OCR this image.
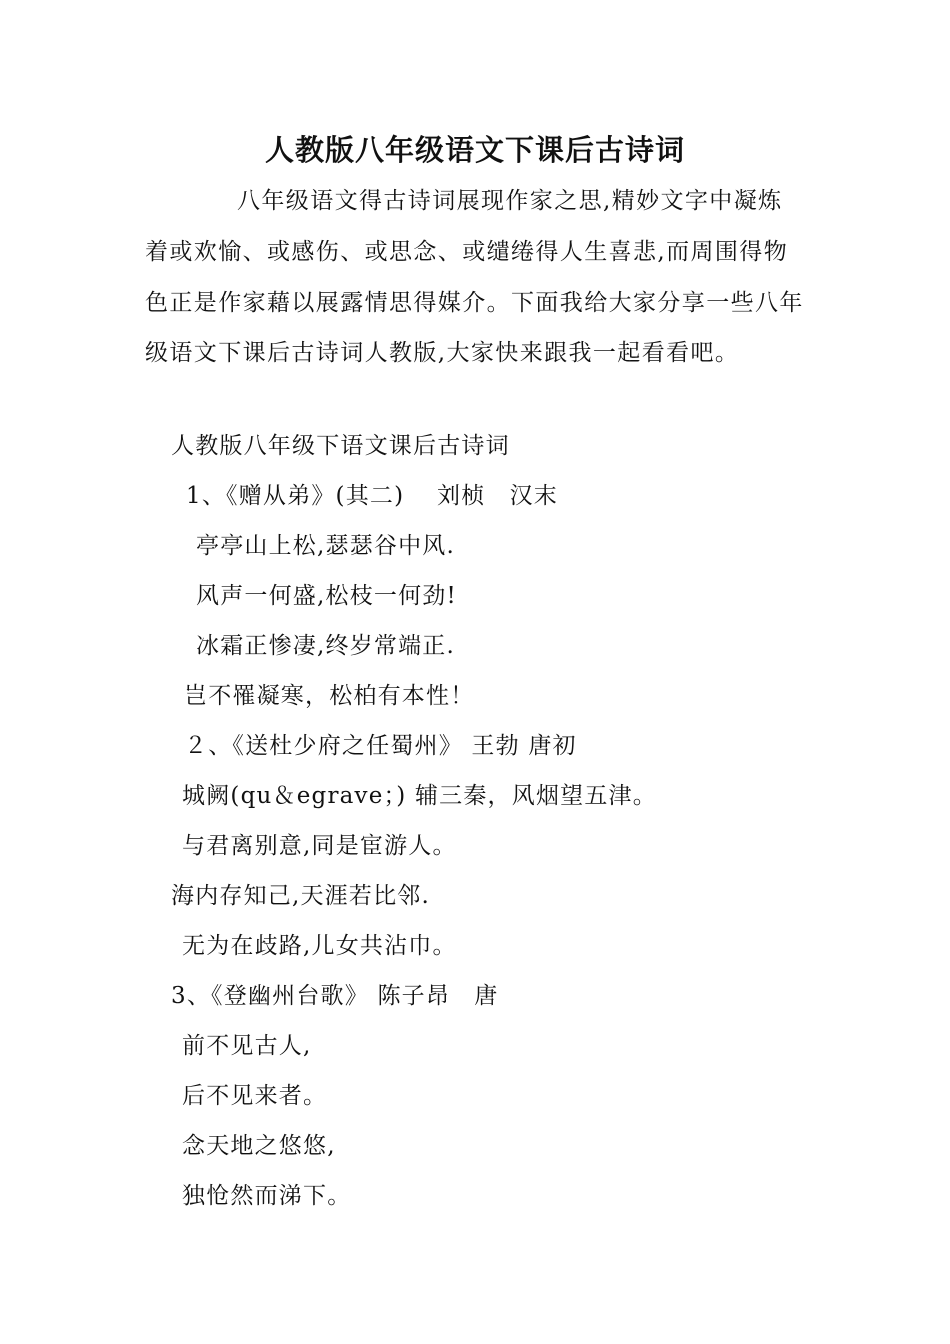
人教版八年级语文下课后古诗词

八年级语文得古诗词展现作家之思,精妙文字中凝炼着或欢愉、或感伤、或思念、或缱绻得人生喜悲,而周围得物色正是作家藉以展露情思得媒介。下面我给大家分享一些八年级语文下课后古诗词人教版,大家快来跟我一起看看吧。

人教版八年级下语文课后古诗词
1、《赠从弟》(其二)　 刘桢　汉末
亭亭山上松,瑟瑟谷中风.
风声一何盛,松枝一何劲!
冰霜正惨凄,终岁常端正.
岂不罹凝寒，松柏有本性！
２、《送杜少府之任蜀州》 王勃 唐初
城阙(qu＆egrave；) 辅三秦，风烟望五津。
与君离别意,同是宦游人。
海内存知己,天涯若比邻.
无为在歧路,儿女共沾巾。
3、《登幽州台歌》 陈子昂　唐
前不见古人,
后不见来者。
念天地之悠悠,
独怆然而涕下。
